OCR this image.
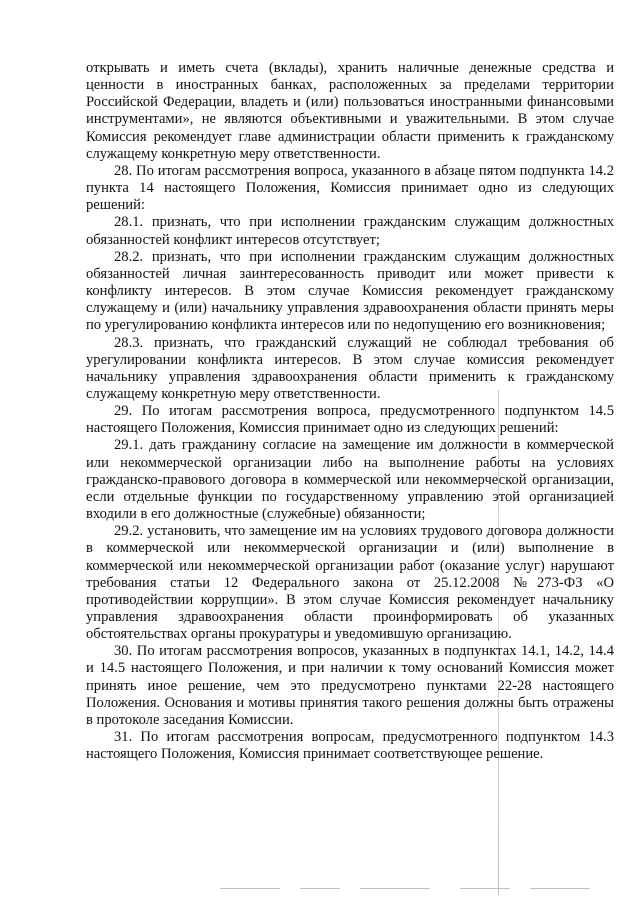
открывать и иметь счета (вклады), хранить наличные денежные средства и ценности в иностранных банках, расположенных за пределами территории Российской Федерации, владеть и (или) пользоваться иностранными финансовыми инструментами», не являются объективными и уважительными. В этом случае Комиссия рекомендует главе администрации области применить к гражданскому служащему конкретную меру ответственности.

28. По итогам рассмотрения вопроса, указанного в абзаце пятом подпункта 14.2 пункта 14 настоящего Положения, Комиссия принимает одно из следующих решений:

28.1. признать, что при исполнении гражданским служащим должностных обязанностей конфликт интересов отсутствует;

28.2. признать, что при исполнении гражданским служащим должностных обязанностей личная заинтересованность приводит или может привести к конфликту интересов. В этом случае Комиссия рекомендует гражданскому служащему и (или) начальнику управления здравоохранения области принять меры по урегулированию конфликта интересов или по недопущению его возникновения;

28.3. признать, что гражданский служащий не соблюдал требования об урегулировании конфликта интересов. В этом случае комиссия рекомендует начальнику управления здравоохранения области применить к гражданскому служащему конкретную меру ответственности.

29. По итогам рассмотрения вопроса, предусмотренного подпунктом 14.5 настоящего Положения, Комиссия принимает одно из следующих решений:

29.1. дать гражданину согласие на замещение им должности в коммерческой или некоммерческой организации либо на выполнение работы на условиях гражданско-правового договора в коммерческой или некоммерческой организации, если отдельные функции по государственному управлению этой организацией входили в его должностные (служебные) обязанности;

29.2. установить, что замещение им на условиях трудового договора должности в коммерческой или некоммерческой организации и (или) выполнение в коммерческой или некоммерческой организации работ (оказание услуг) нарушают требования статьи 12 Федерального закона от 25.12.2008 №273-ФЗ «О противодействии коррупции». В этом случае Комиссия рекомендует начальнику управления здравоохранения области проинформировать об указанных обстоятельствах органы прокуратуры и уведомившую организацию.

30. По итогам рассмотрения вопросов, указанных в подпунктах 14.1, 14.2, 14.4 и 14.5 настоящего Положения, и при наличии к тому оснований Комиссия может принять иное решение, чем это предусмотрено пунктами 22-28 настоящего Положения. Основания и мотивы принятия такого решения должны быть отражены в протоколе заседания Комиссии.

31. По итогам рассмотрения вопросам, предусмотренного подпунктом 14.3 настоящего Положения, Комиссия принимает соответствующее решение.
